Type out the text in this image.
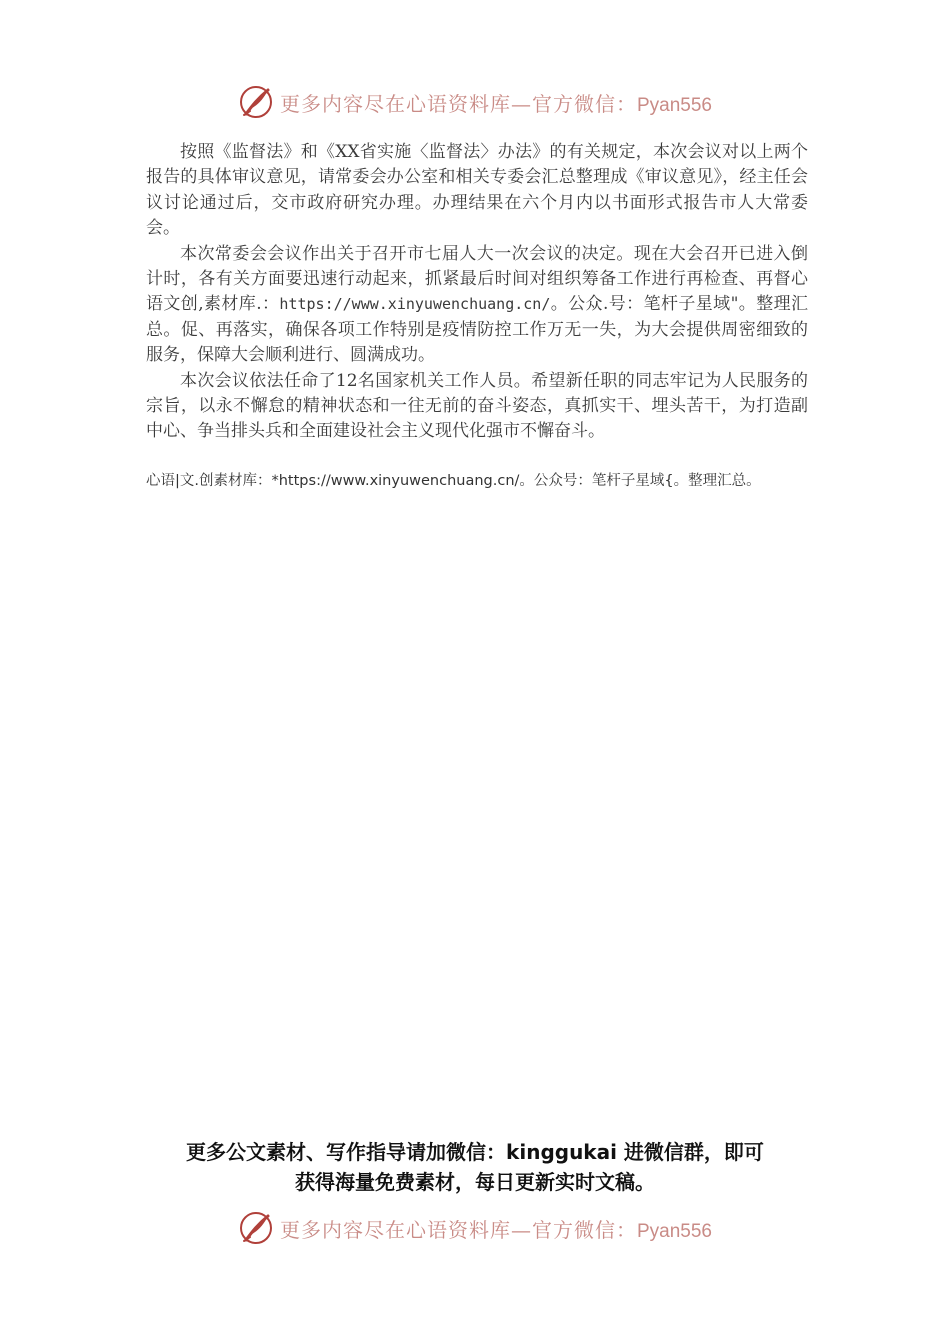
更多内容尽在心语资料库—官方微信：Pyan556

按照《监督法》和《XX省实施〈监督法〉办法》的有关规定，本次会议对以上两个报告的具体审议意见，请常委会办公室和相关专委会汇总整理成《审议意见》，经主任会议讨论通过后，交市政府研究办理。办理结果在六个月内以书面形式报告市人大常委会。

本次常委会会议作出关于召开市七届人大一次会议的决定。现在大会召开已进入倒计时，各有关方面要迅速行动起来，抓紧最后时间对组织筹备工作进行再检查、再督心语文创,素材库.：https://www.xinyuwenchuang.cn/。公众.号：笔杆子星域"。整理汇总。促、再落实，确保各项工作特别是疫情防控工作万无一失，为大会提供周密细致的服务，保障大会顺利进行、圆满成功。

本次会议依法任命了12名国家机关工作人员。希望新任职的同志牢记为人民服务的宗旨，以永不懈怠的精神状态和一往无前的奋斗姿态，真抓实干、埋头苦干，为打造副中心、争当排头兵和全面建设社会主义现代化强市不懈奋斗。

心语|文.创素材库：*https://www.xinyuwenchuang.cn/。公众号：笔杆子星域{。整理汇总。
更多公文素材、写作指导请加微信：kinggukai 进微信群，即可
获得海量免费素材，每日更新实时文稿。
更多内容尽在心语资料库—官方微信：Pyan556
